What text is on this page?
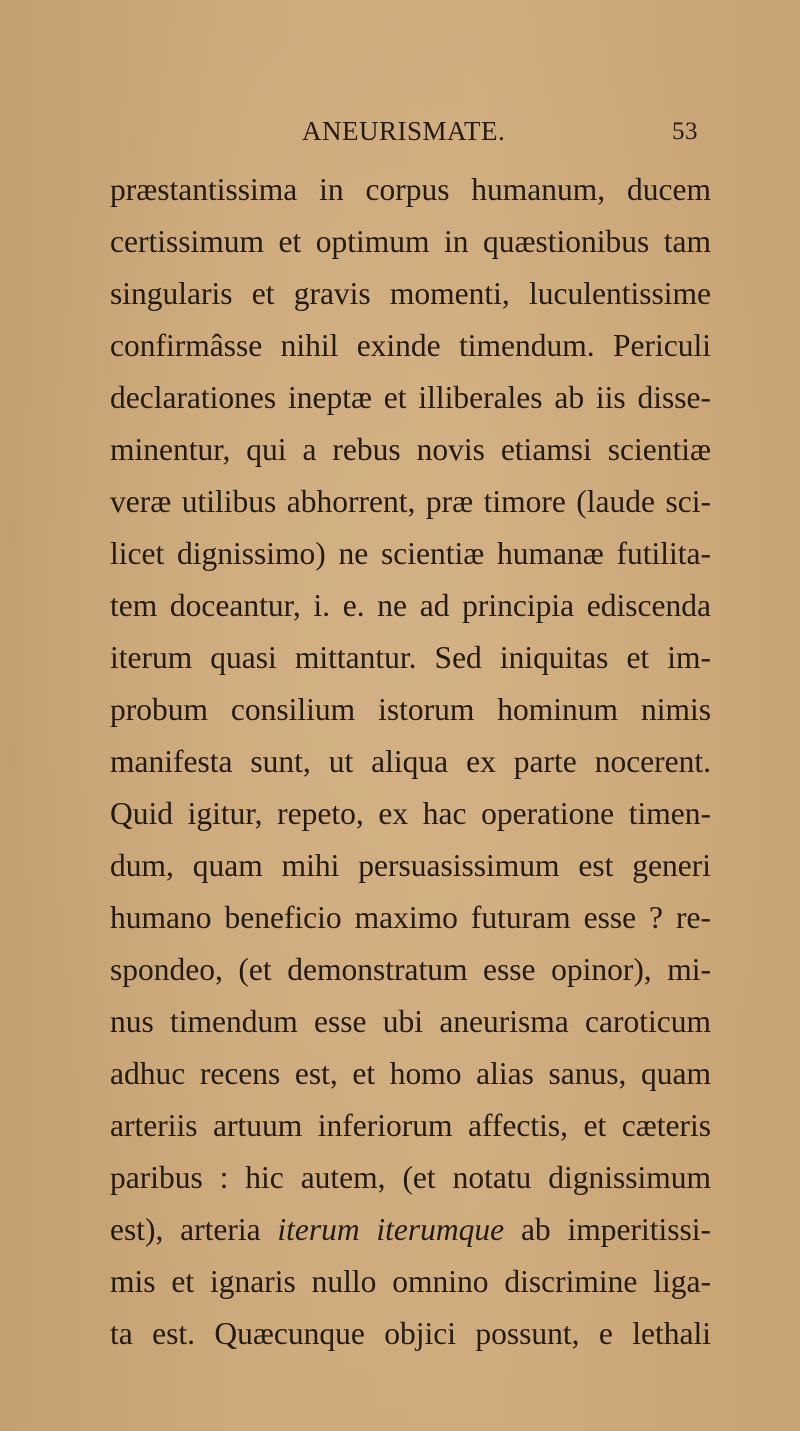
ANEURISMATE.	53
præstantissima in corpus humanum, ducem
certissimum et optimum in quæstionibus tam
singularis et gravis momenti, luculentissime
confirmâsse nihil exinde timendum. Periculi
declarationes ineptæ et illiberales ab iis disse-
minentur, qui a rebus novis etiamsi scientiæ
veræ utilibus abhorrent, præ timore (laude sci-
licet dignissimo) ne scientiæ humanæ futilita-
tem doceantur, i. e. ne ad principia ediscenda
iterum quasi mittantur. Sed iniquitas et im-
probum consilium istorum hominum nimis
manifesta sunt, ut aliqua ex parte nocerent.
Quid igitur, repeto, ex hac operatione timen-
dum, quam mihi persuasissimum est generi
humano beneficio maximo futuram esse ? re-
spondeo, (et demonstratum esse opinor), mi-
nus timendum esse ubi aneurisma caroticum
adhuc recens est, et homo alias sanus, quam
arteriis artuum inferiorum affectis, et cæteris
paribus : hic autem, (et notatu dignissimum
est), arteria iterum iterumque ab imperitissi-
mis et ignaris nullo omnino discrimine liga-
ta est. Quæcunque objici possunt, e lethali
